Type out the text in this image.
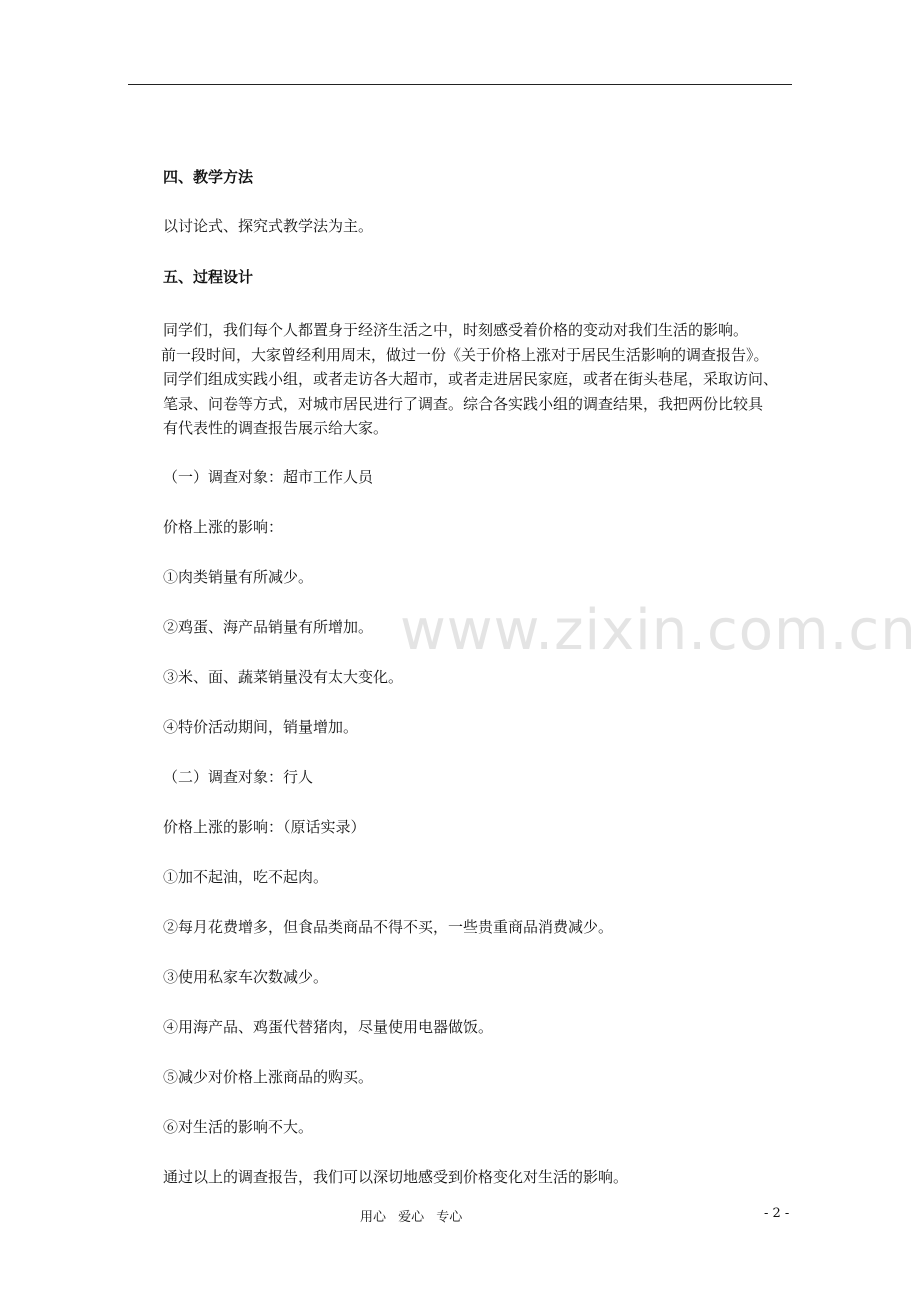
四、教学方法
以讨论式、探究式教学法为主。
五、过程设计
同学们，我们每个人都置身于经济生活之中，时刻感受着价格的变动对我们生活的影响。
前一段时间，大家曾经利用周末，做过一份《关于价格上涨对于居民生活影响的调查报告》。
同学们组成实践小组，或者走访各大超市，或者走进居民家庭，或者在街头巷尾，采取访问、
笔录、问卷等方式，对城市居民进行了调查。综合各实践小组的调查结果，我把两份比较具
有代表性的调查报告展示给大家。
（一）调查对象：超市工作人员
价格上涨的影响：
①肉类销量有所减少。
②鸡蛋、海产品销量有所增加。
③米、面、蔬菜销量没有太大变化。
④特价活动期间，销量增加。
（二）调查对象：行人
价格上涨的影响：（原话实录）
①加不起油，吃不起肉。
②每月花费增多，但食品类商品不得不买，一些贵重商品消费减少。
③使用私家车次数减少。
④用海产品、鸡蛋代替猪肉，尽量使用电器做饭。
⑤减少对价格上涨商品的购买。
⑥对生活的影响不大。
通过以上的调查报告，我们可以深切地感受到价格变化对生活的影响。
www.zixin.com.cn
用心 爱心 专心	- 2 -
